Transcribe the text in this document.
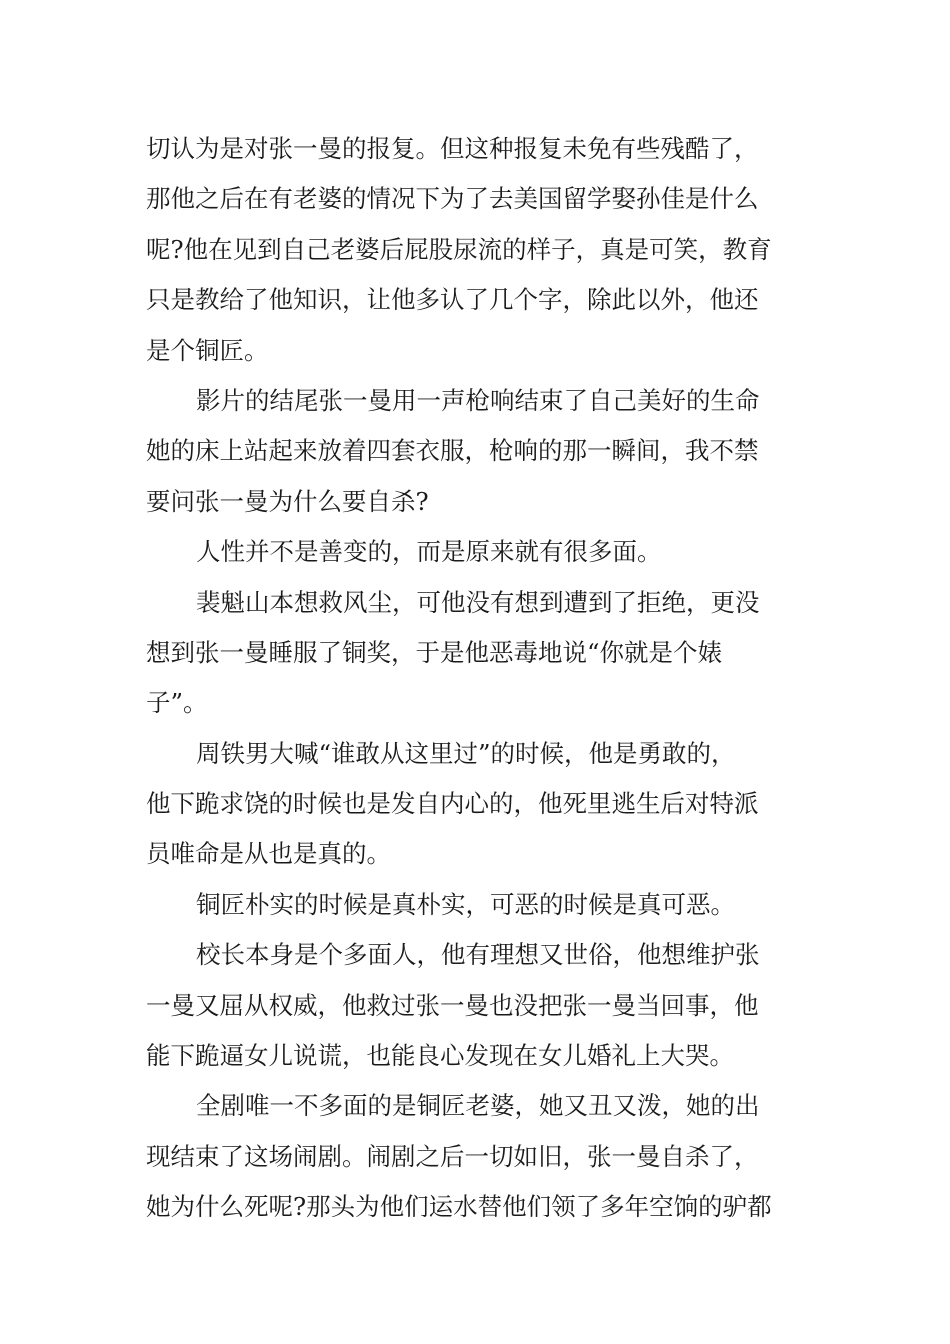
切认为是对张一曼的报复。但这种报复未免有些残酷了，
那他之后在有老婆的情况下为了去美国留学娶孙佳是什么
呢?他在见到自己老婆后屁股尿流的样子，真是可笑，教育
只是教给了他知识，让他多认了几个字，除此以外，他还
是个铜匠。

影片的结尾张一曼用一声枪响结束了自己美好的生命
她的床上站起来放着四套衣服，枪响的那一瞬间，我不禁
要问张一曼为什么要自杀?

人性并不是善变的，而是原来就有很多面。

裴魁山本想救风尘，可他没有想到遭到了拒绝，更没
想到张一曼睡服了铜奖，于是他恶毒地说“你就是个婊
子”。

周铁男大喊“谁敢从这里过”的时候，他是勇敢的，
他下跪求饶的时候也是发自内心的，他死里逃生后对特派
员唯命是从也是真的。

铜匠朴实的时候是真朴实，可恶的时候是真可恶。

校长本身是个多面人，他有理想又世俗，他想维护张
一曼又屈从权威，他救过张一曼也没把张一曼当回事，他
能下跪逼女儿说谎，也能良心发现在女儿婚礼上大哭。

全剧唯一不多面的是铜匠老婆，她又丑又泼，她的出
现结束了这场闹剧。闹剧之后一切如旧，张一曼自杀了，
她为什么死呢?那头为他们运水替他们领了多年空饷的驴都
